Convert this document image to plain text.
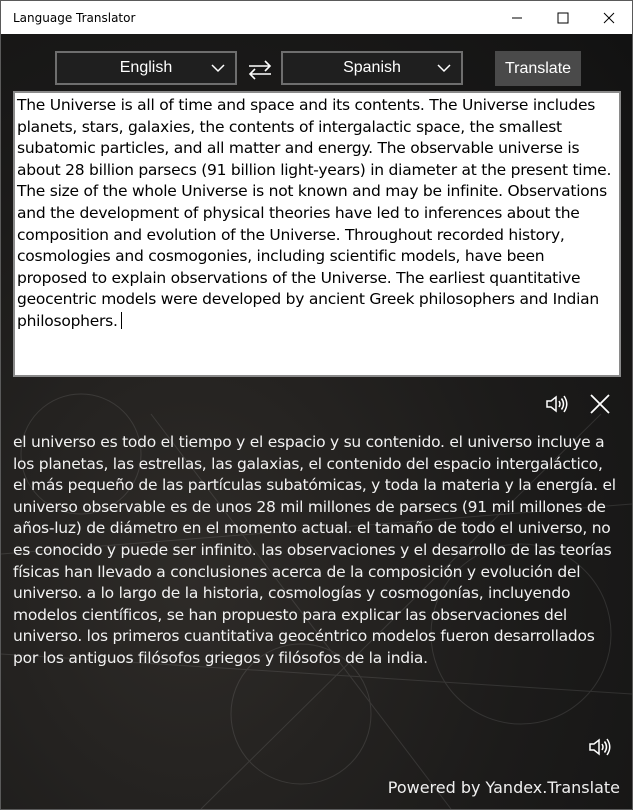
Language Translator
English	Spanish	Translate
The Universe is all of time and space and its contents. The Universe includes planets, stars, galaxies, the contents of intergalactic space, the smallest subatomic particles, and all matter and energy. The observable universe is about 28 billion parsecs (91 billion light-years) in diameter at the present time. The size of the whole Universe is not known and may be infinite. Observations and the development of physical theories have led to inferences about the composition and evolution of the Universe. Throughout recorded history, cosmologies and cosmogonies, including scientific models, have been proposed to explain observations of the Universe. The earliest quantitative geocentric models were developed by ancient Greek philosophers and Indian philosophers.
el universo es todo el tiempo y el espacio y su contenido. el universo incluye a los planetas, las estrellas, las galaxias, el contenido del espacio intergaláctico, el más pequeño de las partículas subatómicas, y toda la materia y la energía. el universo observable es de unos 28 mil millones de parsecs (91 mil millones de años-luz) de diámetro en el momento actual. el tamaño de todo el universo, no es conocido y puede ser infinito. las observaciones y el desarrollo de las teorías físicas han llevado a conclusiones acerca de la composición y evolución del universo. a lo largo de la historia, cosmologías y cosmogonías, incluyendo modelos científicos, se han propuesto para explicar las observaciones del universo. los primeros cuantitativa geocéntrico modelos fueron desarrollados por los antiguos filósofos griegos y filósofos de la india.
Powered by Yandex.Translate
